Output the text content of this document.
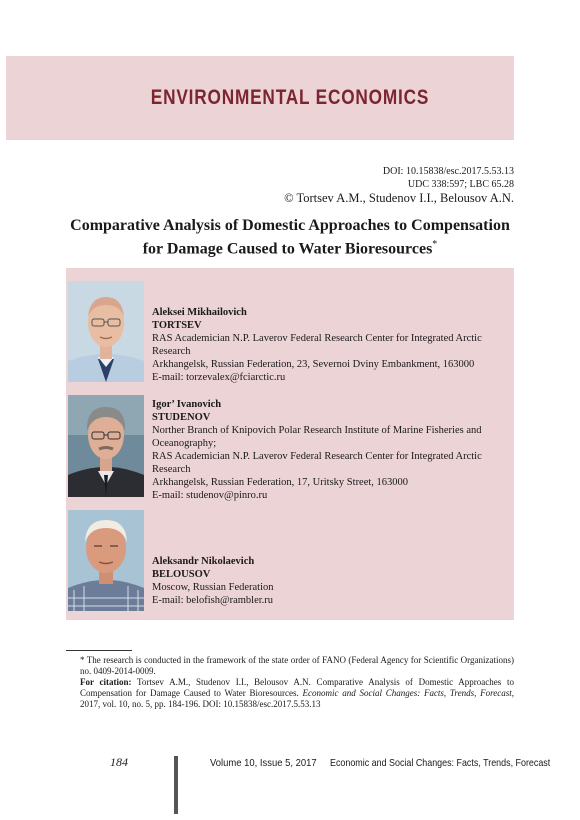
ENVIRONMENTAL ECONOMICS
DOI: 10.15838/esc.2017.5.53.13
UDC 338:597; LBC 65.28
© Tortsev A.M., Studenov I.I., Belousov A.N.
Comparative Analysis of Domestic Approaches to Compensation
for Damage Caused to Water Bioresources*
Aleksei Mikhailovich
TORTSEV
RAS Academician N.P. Laverov Federal Research Center for Integrated Arctic Research
Arkhangelsk, Russian Federation, 23, Severnoi Dviny Embankment, 163000
E-mail: torzevalex@fciarctic.ru
Igor’ Ivanovich
STUDENOV
Norther Branch of Knipovich Polar Research Institute of Marine Fisheries and Oceanography;
RAS Academician N.P. Laverov Federal Research Center for Integrated Arctic Research
Arkhangelsk, Russian Federation, 17, Uritsky Street, 163000
E-mail: studenov@pinro.ru
Aleksandr Nikolaevich
BELOUSOV
Moscow, Russian Federation
E-mail: belofish@rambler.ru
* The research is conducted in the framework of the state order of FANO (Federal Agency for Scientific Organizations) no. 0409-2014-0009.
For citation: Tortsev A.M., Studenov I.I., Belousov A.N. Comparative Analysis of Domestic Approaches to Compensation for Damage Caused to Water Bioresources. Economic and Social Changes: Facts, Trends, Forecast, 2017, vol. 10, no. 5, pp. 184-196. DOI: 10.15838/esc.2017.5.53.13
184	Volume 10, Issue 5, 2017 Economic and Social Changes: Facts, Trends, Forecast
